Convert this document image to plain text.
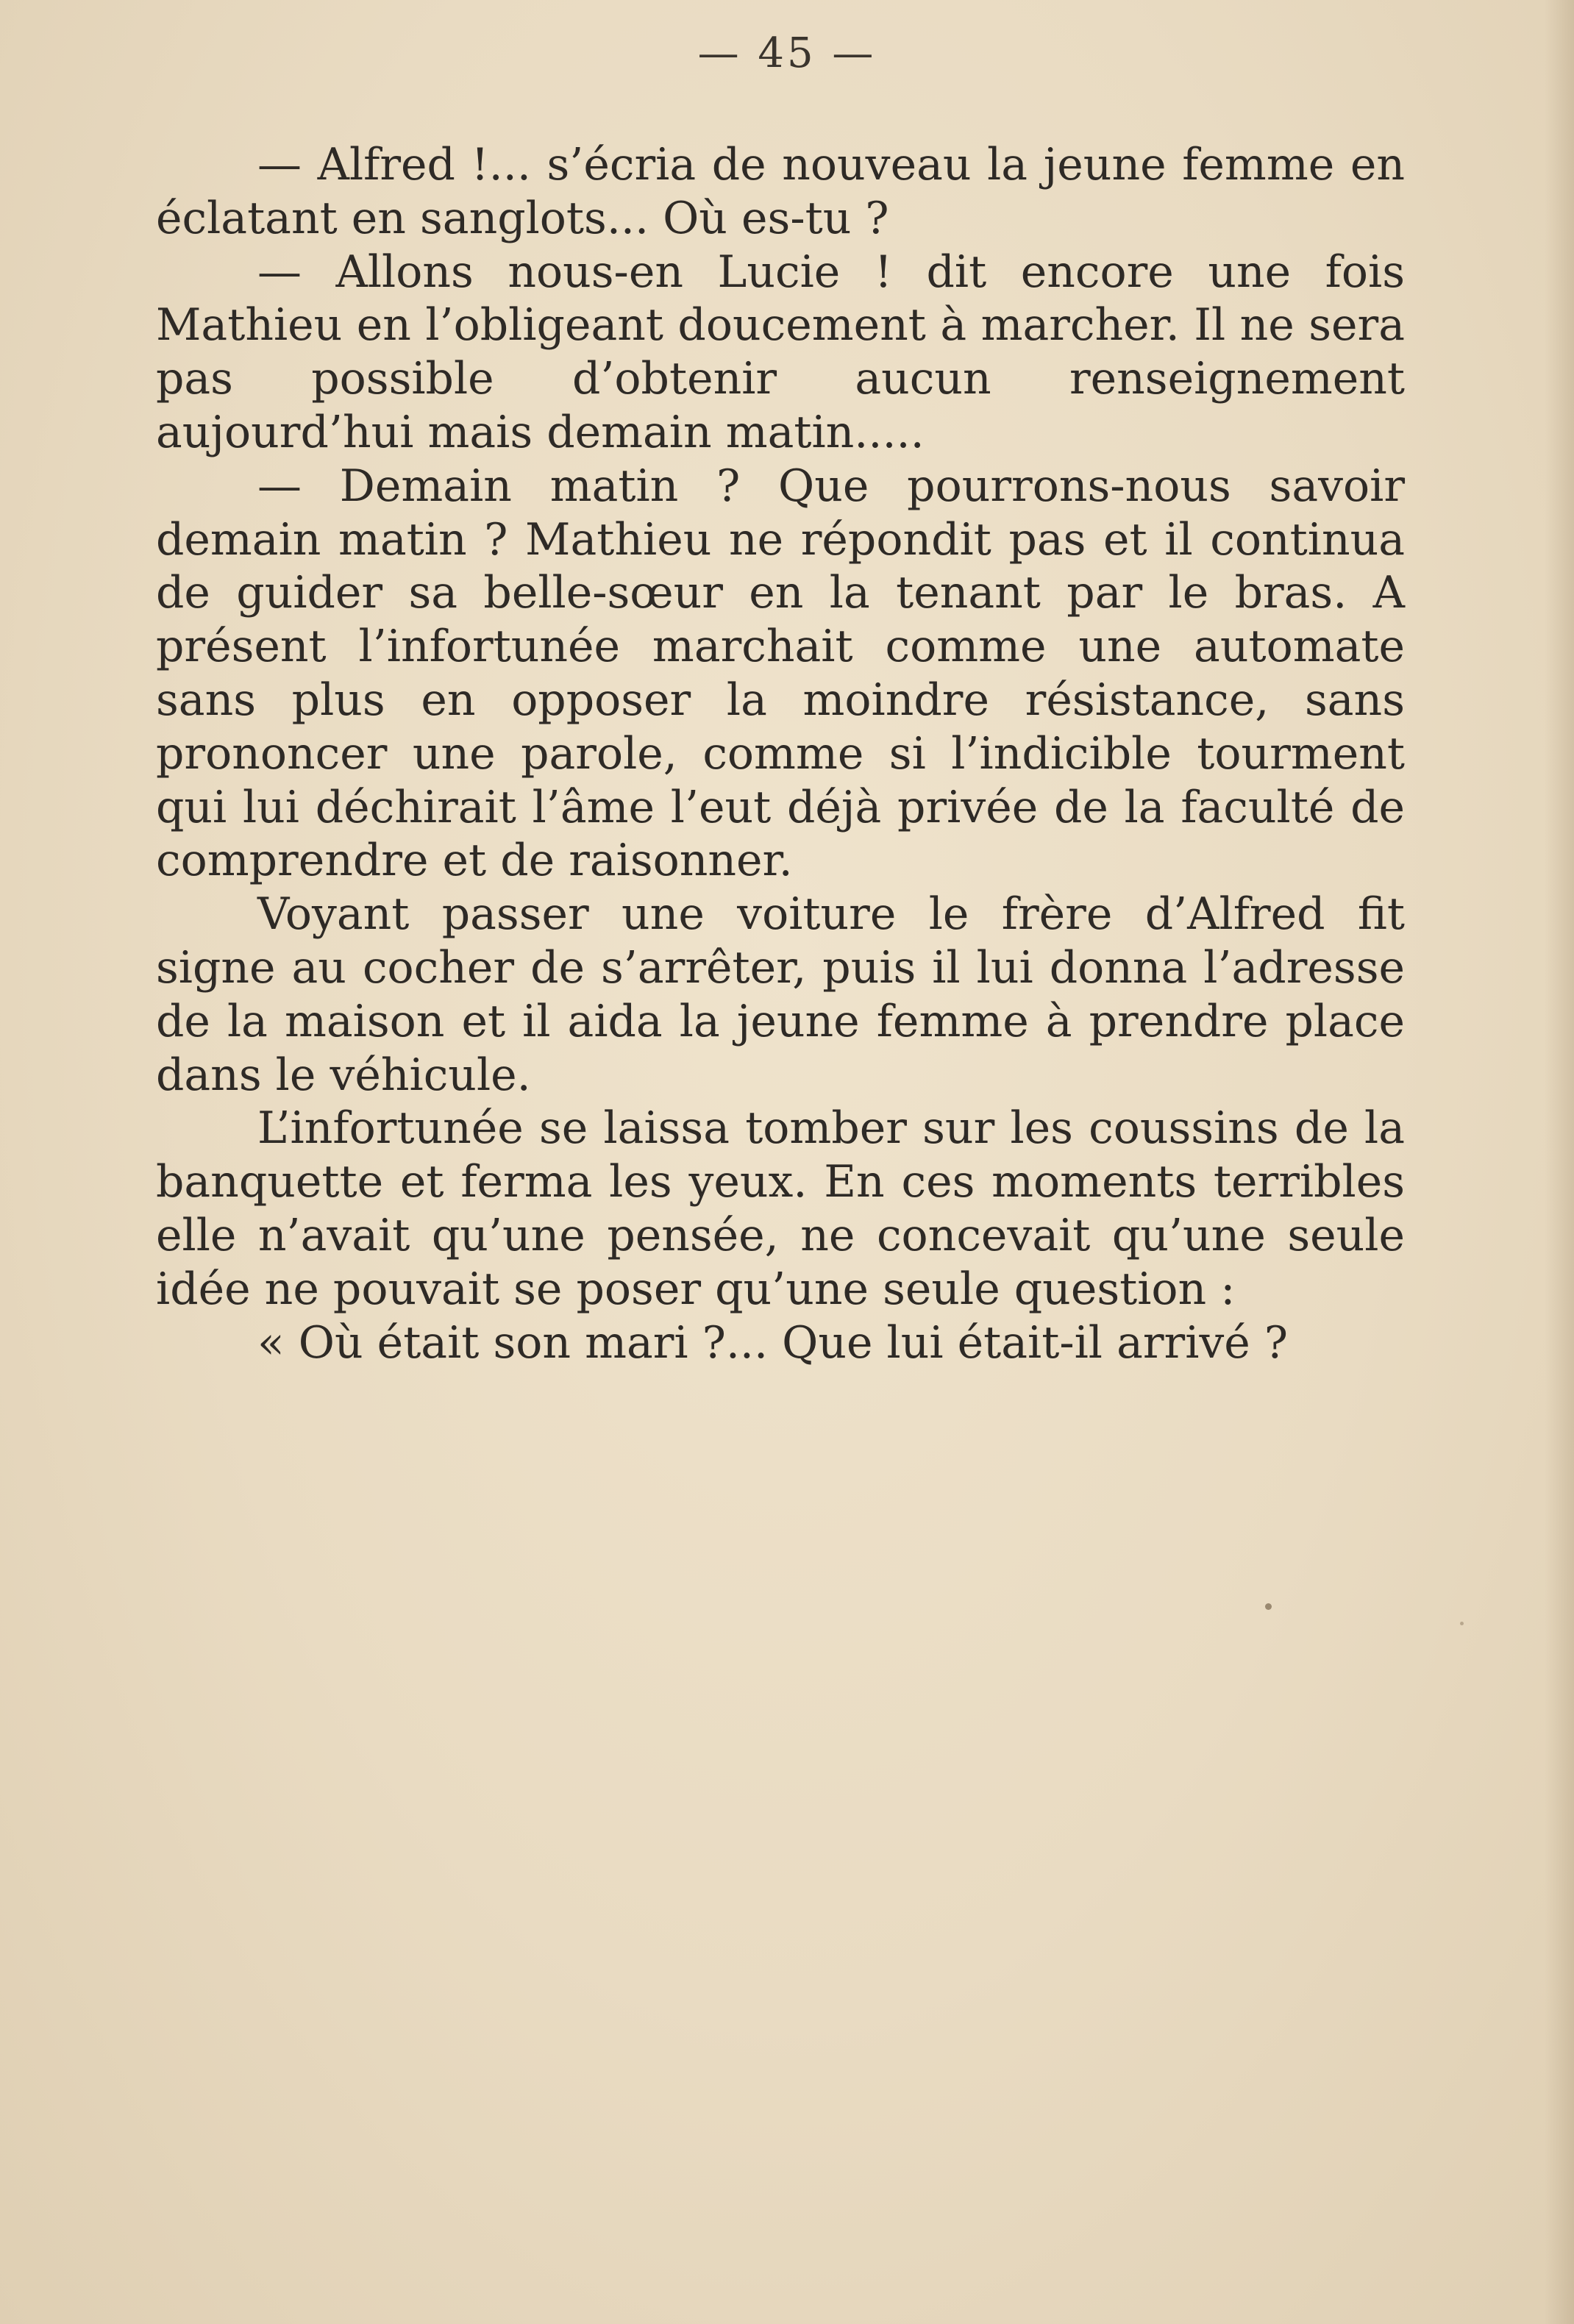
— 45 —

— Alfred !... s’écria de nouveau la jeune femme en éclatant en sanglots... Où es-tu ?

— Allons nous-en Lucie ! dit encore une fois Mathieu en l’obligeant doucement à marcher. Il ne sera pas possible d’obtenir aucun renseignement aujourd’hui mais demain matin.....

— Demain matin ? Que pourrons-nous savoir demain matin ? Mathieu ne répondit pas et il continua de guider sa belle-sœur en la tenant par le bras. A présent l’infortunée marchait comme une automate sans plus en opposer la moindre résistance, sans prononcer une parole, comme si l’indicible tourment qui lui déchirait l’âme l’eut déjà privée de la faculté de comprendre et de raisonner.

Voyant passer une voiture le frère d’Alfred fit signe au cocher de s’arrêter, puis il lui donna l’adresse de la maison et il aida la jeune femme à prendre place dans le véhicule.

L’infortunée se laissa tomber sur les coussins de la banquette et ferma les yeux. En ces moments terribles elle n’avait qu’une pensée, ne concevait qu’une seule idée ne pouvait se poser qu’une seule question :

« Où était son mari ?... Que lui était-il arrivé ?
